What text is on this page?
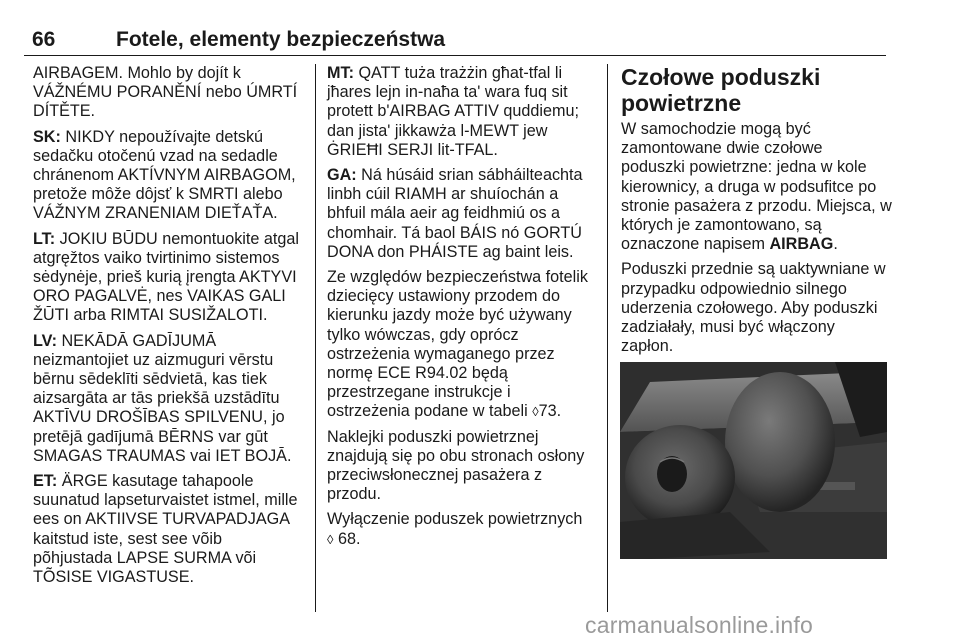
66	Fotele, elementy bezpieczeństwa

AIRBAGEM. Mohlo by dojít k
VÁŽNÉMU PORANĚNÍ nebo ÚMRTÍ
DÍTĚTE.

SK: NIKDY nepoužívajte detskú
sedačku otočenú vzad na sedadle
chránenom AKTÍVNYM AIRBAGOM,
pretože môže dôjsť k SMRTI alebo
VÁŽNYM ZRANENIAM DIEŤAŤA.

LT: JOKIU BŪDU nemontuokite atgal
atgręžtos vaiko tvirtinimo sistemos
sėdynėje, prieš kurią įrengta AKTYVI
ORO PAGALVĖ, nes VAIKAS GALI
ŽŪTI arba RIMTAI SUSIŽALOTI.

LV: NEKĀDĀ GADĪJUMĀ
neizmantojiet uz aizmuguri vērstu
bērnu sēdeklīti sēdvietā, kas tiek
aizsargāta ar tās priekšā uzstādītu
AKTĪVU DROŠĪBAS SPILVENU, jo
pretējā gadījumā BĒRNS var gūt
SMAGAS TRAUMAS vai IET BOJĀ.

ET: ÄRGE kasutage tahapoole
suunatud lapseturvaistet istmel, mille
ees on AKTIIVSE TURVAPADJAGA
kaitstud iste, sest see võib
põhjustada LAPSE SURMA või
TÕSISE VIGASTUSE.

MT: QATT tuża trażżin għat-tfal li
jħares lejn in-naħa ta' wara fuq sit
protett b'AIRBAG ATTIV quddiemu;
dan jista' jikkawża l-MEWT jew
ĠRIEĦI SERJI lit-TFAL.

GA: Ná húsáid srian sábháilteachta
linbh cúil RIAMH ar shuíochán a
bhfuil mála aeir ag feidhmiú os a
chomhair. Tá baol BÁIS nó GORTÚ
DONA don PHÁISTE ag baint leis.

Ze względów bezpieczeństwa fotelik
dziecięcy ustawiony przodem do
kierunku jazdy może być używany
tylko wówczas, gdy oprócz
ostrzeżenia wymaganego przez
normę ECE R94.02 będą
przestrzegane instrukcje i
ostrzeżenia podane w tabeli ◊73.

Naklejki poduszki powietrznej
znajdują się po obu stronach osłony
przeciwsłonecznej pasażera z
przodu.

Wyłączenie poduszek powietrznych
◊ 68.

Czołowe poduszki
powietrzne

W samochodzie mogą być
zamontowane dwie czołowe
poduszki powietrzne: jedna w kole
kierownicy, a druga w podsufitce po
stronie pasażera z przodu. Miejsca, w
których je zamontowano, są
oznaczone napisem AIRBAG.

Poduszki przednie są uaktywniane w
przypadku odpowiednio silnego
uderzenia czołowego. Aby poduszki
zadziałały, musi być włączony
zapłon.

carmanualsonline.info
